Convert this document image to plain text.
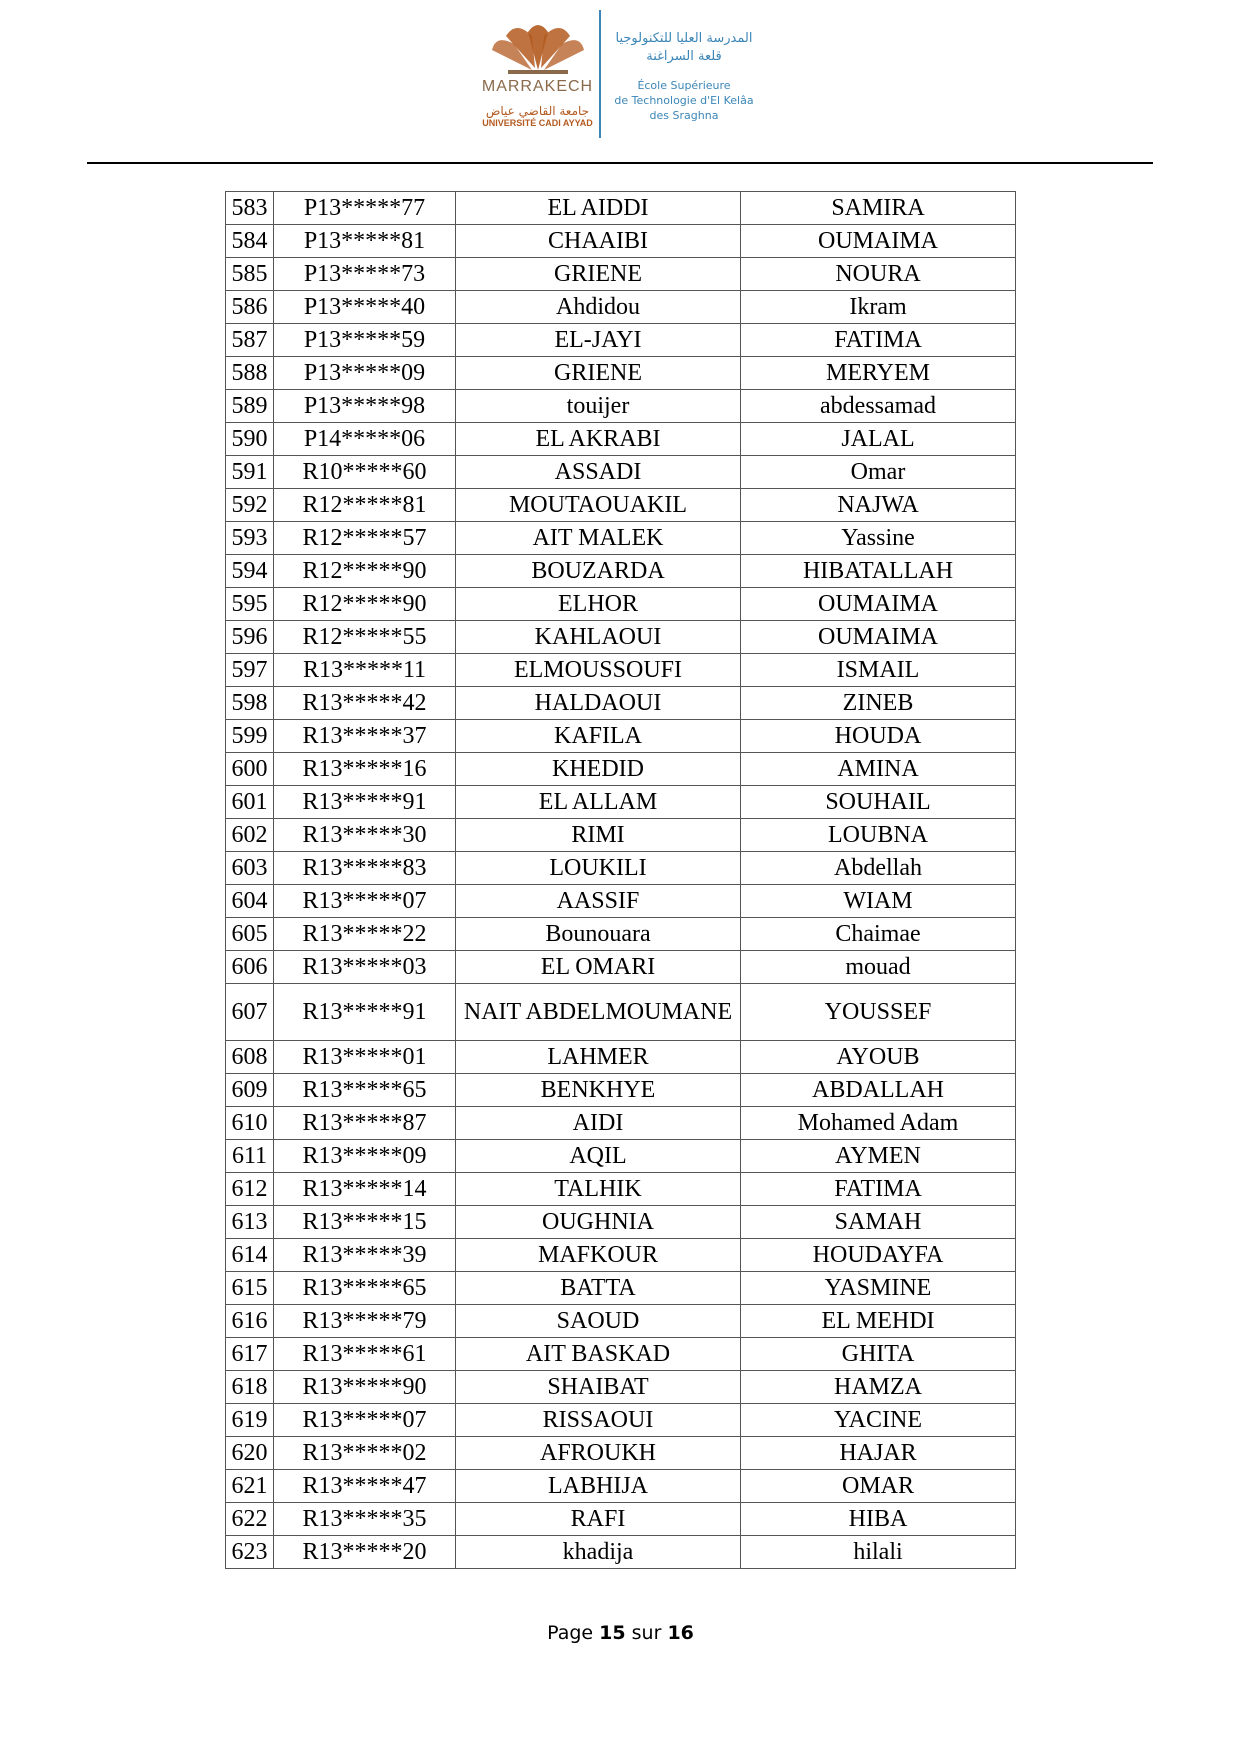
MARRAKECH
جامعة القاضي عياض
UNIVERSITÉ CADI AYYAD
المدرسة العليا للتكنولوجيا
قلعة السراغنة
École Supérieure
de Technologie d'El Kelâa
des Sraghna
583	P13*****77	EL AIDDI	SAMIRA
584	P13*****81	CHAAIBI	OUMAIMA
585	P13*****73	GRIENE	NOURA
586	P13*****40	Ahdidou	Ikram
587	P13*****59	EL-JAYI	FATIMA
588	P13*****09	GRIENE	MERYEM
589	P13*****98	touijer	abdessamad
590	P14*****06	EL AKRABI	JALAL
591	R10*****60	ASSADI	Omar
592	R12*****81	MOUTAOUAKIL	NAJWA
593	R12*****57	AIT MALEK	Yassine
594	R12*****90	BOUZARDA	HIBATALLAH
595	R12*****90	ELHOR	OUMAIMA
596	R12*****55	KAHLAOUI	OUMAIMA
597	R13*****11	ELMOUSSOUFI	ISMAIL
598	R13*****42	HALDAOUI	ZINEB
599	R13*****37	KAFILA	HOUDA
600	R13*****16	KHEDID	AMINA
601	R13*****91	EL ALLAM	SOUHAIL
602	R13*****30	RIMI	LOUBNA
603	R13*****83	LOUKILI	Abdellah
604	R13*****07	AASSIF	WIAM
605	R13*****22	Bounouara	Chaimae
606	R13*****03	EL OMARI	mouad
607	R13*****91	NAIT ABDELMOUMANE	YOUSSEF
608	R13*****01	LAHMER	AYOUB
609	R13*****65	BENKHYE	ABDALLAH
610	R13*****87	AIDI	Mohamed Adam
611	R13*****09	AQIL	AYMEN
612	R13*****14	TALHIK	FATIMA
613	R13*****15	OUGHNIA	SAMAH
614	R13*****39	MAFKOUR	HOUDAYFA
615	R13*****65	BATTA	YASMINE
616	R13*****79	SAOUD	EL MEHDI
617	R13*****61	AIT BASKAD	GHITA
618	R13*****90	SHAIBAT	HAMZA
619	R13*****07	RISSAOUI	YACINE
620	R13*****02	AFROUKH	HAJAR
621	R13*****47	LABHIJA	OMAR
622	R13*****35	RAFI	HIBA
623	R13*****20	khadija	hilali
Page 15 sur 16
